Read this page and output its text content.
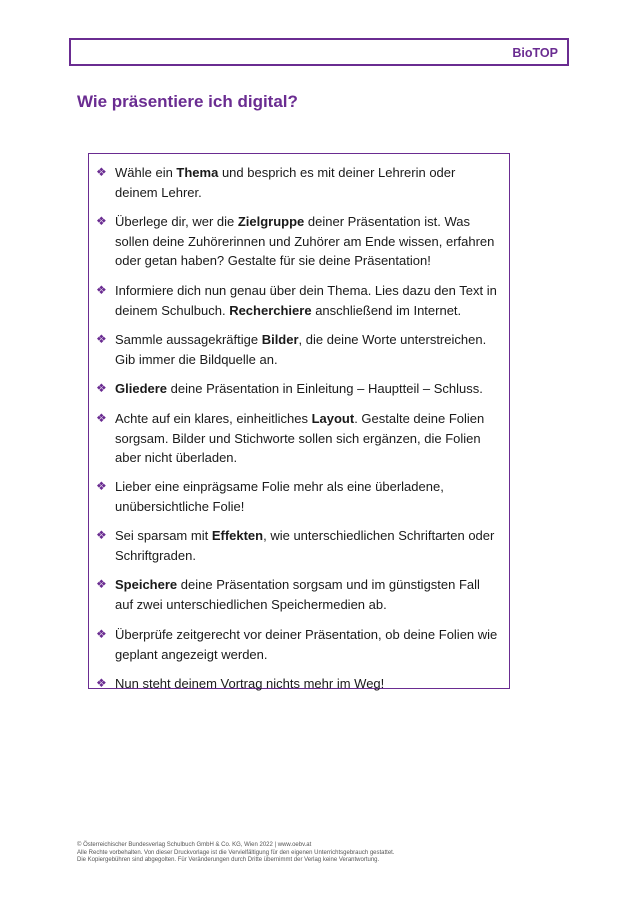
BioTOP
Wie präsentiere ich digital?
❖ Wähle ein Thema und besprich es mit deiner Lehrerin oder deinem Lehrer.
❖ Überlege dir, wer die Zielgruppe deiner Präsentation ist. Was sollen deine Zuhörerinnen und Zuhörer am Ende wissen, erfahren oder getan haben? Gestalte für sie deine Präsentation!
❖ Informiere dich nun genau über dein Thema. Lies dazu den Text in deinem Schulbuch. Recherchiere anschließend im Internet.
❖ Sammle aussagekräftige Bilder, die deine Worte unterstreichen. Gib immer die Bildquelle an.
❖ Gliedere deine Präsentation in Einleitung – Hauptteil – Schluss.
❖ Achte auf ein klares, einheitliches Layout. Gestalte deine Folien sorgsam. Bilder und Stichworte sollen sich ergänzen, die Folien aber nicht überladen.
❖ Lieber eine einprägsame Folie mehr als eine überladene, unübersichtliche Folie!
❖ Sei sparsam mit Effekten, wie unterschiedlichen Schriftarten oder Schriftgraden.
❖ Speichere deine Präsentation sorgsam und im günstigsten Fall auf zwei unterschiedlichen Speichermedien ab.
❖ Überprüfe zeitgerecht vor deiner Präsentation, ob deine Folien wie geplant angezeigt werden.
❖ Nun steht deinem Vortrag nichts mehr im Weg!
© Österreichischer Bundesverlag Schulbuch GmbH & Co. KG, Wien 2022 | www.oebv.at
Alle Rechte vorbehalten. Von dieser Druckvorlage ist die Vervielfältigung für den eigenen Unterrichtsgebrauch gestattet.
Die Kopiergebühren sind abgegolten. Für Veränderungen durch Dritte übernimmt der Verlag keine Verantwortung.
